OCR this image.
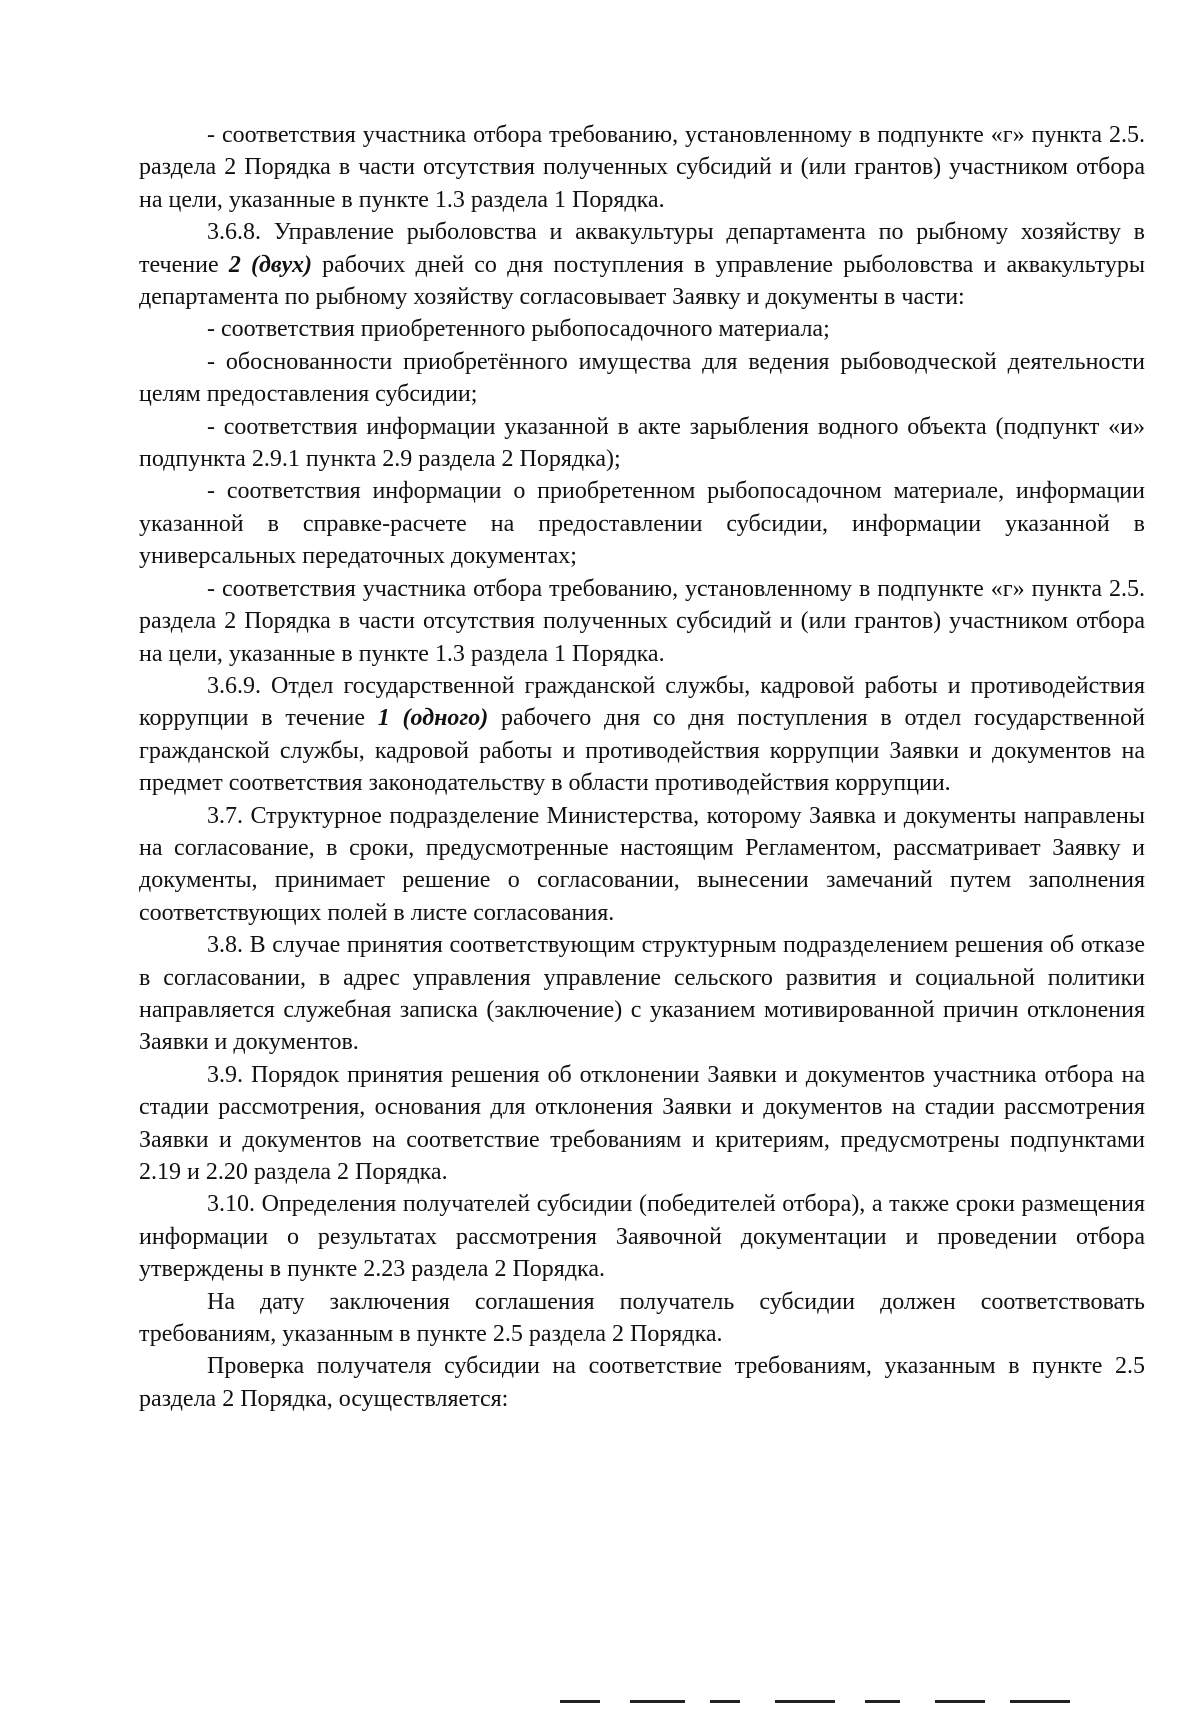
- соответствия участника отбора требованию, установленному в подпункте «г» пункта 2.5. раздела 2 Порядка в части отсутствия полученных субсидий и (или грантов) участником отбора на цели, указанные в пункте 1.3 раздела 1 Порядка.

3.6.8. Управление рыболовства и аквакультуры департамента по рыбному хозяйству в течение 2 (двух) рабочих дней со дня поступления в управление рыболовства и аквакультуры департамента по рыбному хозяйству согласовывает Заявку и документы в части:

- соответствия приобретенного рыбопосадочного материала;

- обоснованности приобретённого имущества для ведения рыбоводческой деятельности целям предоставления субсидии;

- соответствия информации указанной в акте зарыбления водного объекта (подпункт «и» подпункта 2.9.1 пункта 2.9 раздела 2 Порядка);

- соответствия информации о приобретенном рыбопосадочном материале, информации указанной в справке-расчете на предоставлении субсидии, информации указанной в универсальных передаточных документах;

- соответствия участника отбора требованию, установленному в подпункте «г» пункта 2.5. раздела 2 Порядка в части отсутствия полученных субсидий и (или грантов) участником отбора на цели, указанные в пункте 1.3 раздела 1 Порядка.

3.6.9. Отдел государственной гражданской службы, кадровой работы и противодействия коррупции в течение 1 (одного) рабочего дня со дня поступления в отдел государственной гражданской службы, кадровой работы и противодействия коррупции Заявки и документов на предмет соответствия законодательству в области противодействия коррупции.

3.7. Структурное подразделение Министерства, которому Заявка и документы направлены на согласование, в сроки, предусмотренные настоящим Регламентом, рассматривает Заявку и документы, принимает решение о согласовании, вынесении замечаний путем заполнения соответствующих полей в листе согласования.

3.8. В случае принятия соответствующим структурным подразделением решения об отказе в согласовании, в адрес управления управление сельского развития и социальной политики направляется служебная записка (заключение) с указанием мотивированной причин отклонения Заявки и документов.

3.9. Порядок принятия решения об отклонении Заявки и документов участника отбора на стадии рассмотрения, основания для отклонения Заявки и документов на стадии рассмотрения Заявки и документов на соответствие требованиям и критериям, предусмотрены подпунктами 2.19 и 2.20 раздела 2 Порядка.

3.10. Определения получателей субсидии (победителей отбора), а также сроки размещения информации о результатах рассмотрения Заявочной документации и проведении отбора утверждены в пункте 2.23 раздела 2 Порядка.

На дату заключения соглашения получатель субсидии должен соответствовать требованиям, указанным в пункте 2.5 раздела 2 Порядка.

Проверка получателя субсидии на соответствие требованиям, указанным в пункте 2.5 раздела 2 Порядка, осуществляется:
